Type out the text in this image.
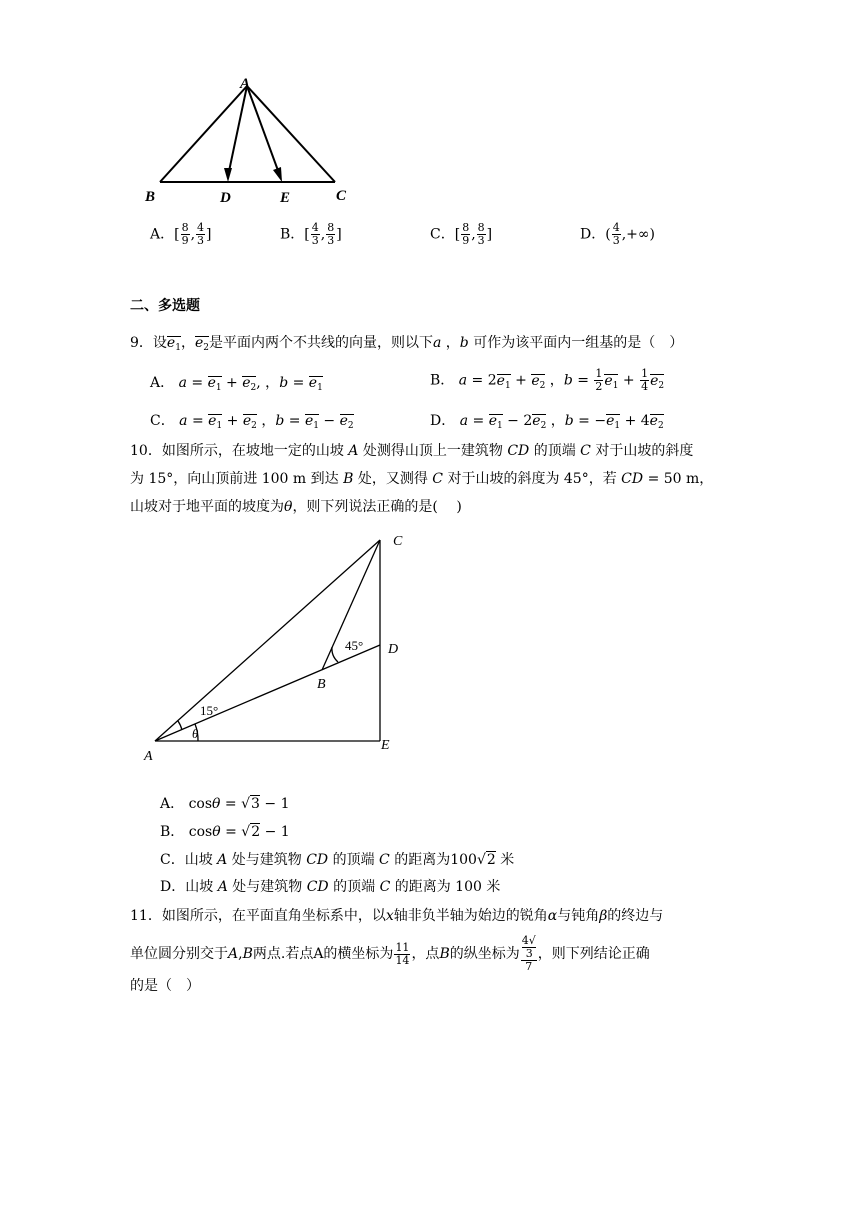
A
B	D	E	C
A．[ $\frac{8}{9}$ , $\frac{4}{3}$ ]	B．[ $\frac{4}{3}$ , $\frac{8}{3}$ ]	C．[ $\frac{8}{9}$ , $\frac{8}{3}$ ]	D．( $\frac{4}{3}$ ,+∞)
二、多选题
9．设$e_1$，$e_2$是平面内两个不共线的向量，则以下a ，b 可作为该平面内一组基的是（　）
A． $a = e_1 + e_2$, ，$b = e_1$	B． $a = 2e_1 + e_2$ ，$b = \frac{1}{2} e_1 + \frac{1}{4} e_2$
C． $a = e_1 + e_2$ ，$b = e_1 - e_2$	D． $a = e_1 - 2e_2$ ，$b = -e_1 + 4e_2$
10．如图所示，在坡地一定的山坡 A 处测得山顶上一建筑物 CD 的顶端 C 对于山坡的斜度
为 15°，向山顶前进 100 m 到达 B 处，又测得 C 对于山坡的斜度为 45°，若 CD = 50 m，
山坡对于地平面的坡度为θ，则下列说法正确的是(　 )
A
B
C
D
E
15°
45°
θ
A． cosθ = √3 − 1
B． cosθ = √2 − 1
C．山坡 A 处与建筑物 CD 的顶端 C 的距离为100√2 米
D．山坡 A 处与建筑物 CD 的顶端 C 的距离为 100 米
11．如图所示，在平面直角坐标系中，以x轴非负半轴为始边的锐角α与钝角β的终边与
单位圆分别交于A,B两点.若点A的横坐标为 $\frac{11}{14}$ ，点B的纵坐标为 4√
3
7 ，则下列结论正确
的是（　）
